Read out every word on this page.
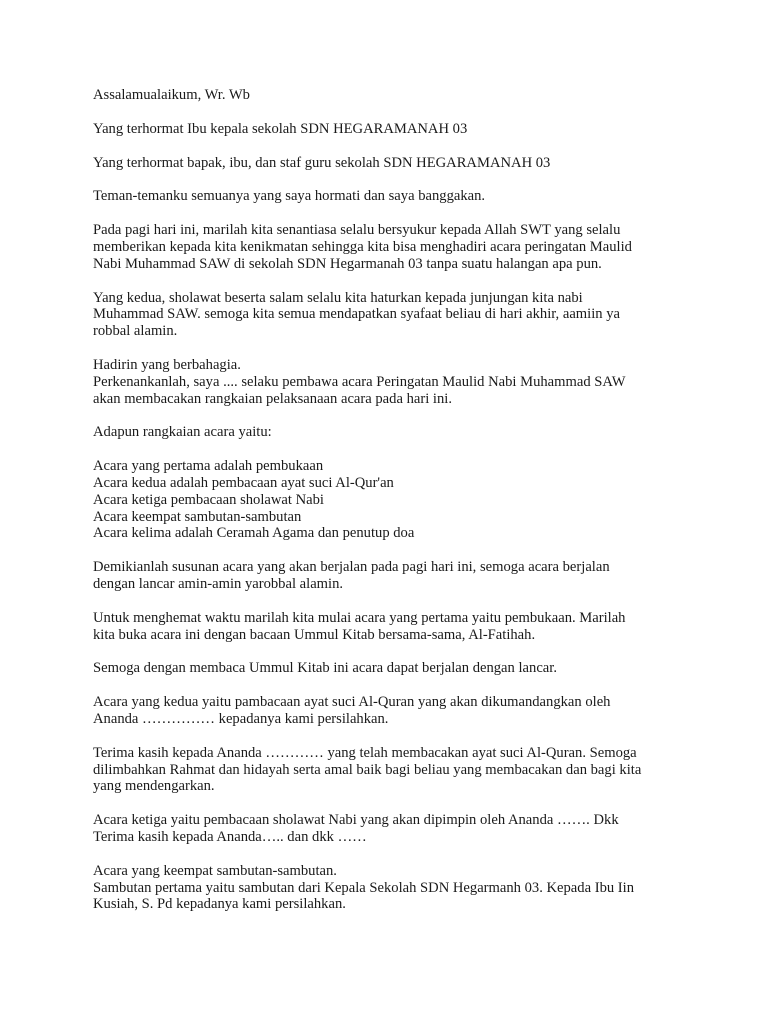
Assalamualaikum, Wr. Wb

Yang terhormat Ibu kepala sekolah SDN HEGARAMANAH 03

Yang terhormat bapak, ibu, dan staf guru sekolah SDN HEGARAMANAH 03

Teman-temanku semuanya yang saya hormati dan saya banggakan.

Pada pagi hari ini, marilah kita senantiasa selalu bersyukur kepada Allah SWT yang selalu
memberikan kepada kita kenikmatan sehingga kita bisa menghadiri acara peringatan Maulid
Nabi Muhammad SAW di sekolah SDN Hegarmanah 03 tanpa suatu halangan apa pun.

Yang kedua, sholawat beserta salam selalu kita haturkan kepada junjungan kita nabi
Muhammad SAW. semoga kita semua mendapatkan syafaat beliau di hari akhir, aamiin ya
robbal alamin.

Hadirin yang berbahagia.
Perkenankanlah, saya .... selaku pembawa acara Peringatan Maulid Nabi Muhammad SAW
akan membacakan rangkaian pelaksanaan acara pada hari ini.

Adapun rangkaian acara yaitu:

Acara yang pertama adalah pembukaan
Acara kedua adalah pembacaan ayat suci Al-Qur'an
Acara ketiga pembacaan sholawat Nabi
Acara keempat sambutan-sambutan
Acara kelima adalah Ceramah Agama dan penutup doa

Demikianlah susunan acara yang akan berjalan pada pagi hari ini, semoga acara berjalan
dengan lancar amin-amin yarobbal alamin.

Untuk menghemat waktu marilah kita mulai acara yang pertama yaitu pembukaan. Marilah
kita buka acara ini dengan bacaan Ummul Kitab bersama-sama, Al-Fatihah.

Semoga dengan membaca Ummul Kitab ini acara dapat berjalan dengan lancar.

Acara yang kedua yaitu pambacaan ayat suci Al-Quran yang akan dikumandangkan oleh
Ananda …………… kepadanya kami persilahkan.

Terima kasih kepada Ananda ………… yang telah membacakan ayat suci Al-Quran. Semoga
dilimbahkan Rahmat dan hidayah serta amal baik bagi beliau yang membacakan dan bagi kita
yang mendengarkan.

Acara ketiga yaitu pembacaan sholawat Nabi yang akan dipimpin oleh Ananda ……. Dkk
Terima kasih kepada Ananda….. dan dkk ……

Acara yang keempat sambutan-sambutan.
Sambutan pertama yaitu sambutan dari Kepala Sekolah SDN Hegarmanh 03. Kepada Ibu Iin
Kusiah, S. Pd kepadanya kami persilahkan.
